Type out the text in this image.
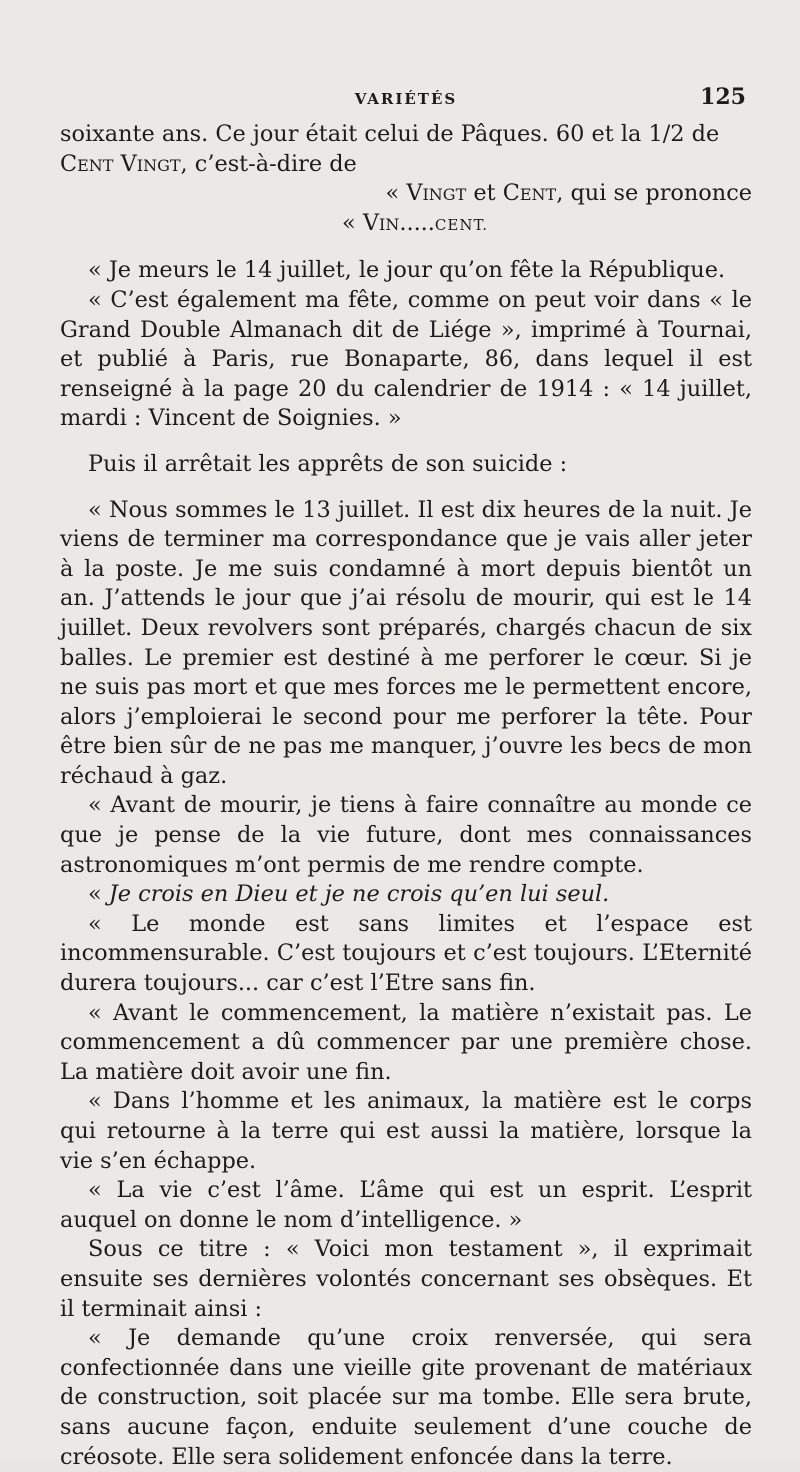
VARIÉTÉS	125

soixante ans. Ce jour était celui de Pâques. 60 et la 1/2 de

Cent Vingt, c’est-à-dire de

« Vingt et Cent, qui se prononce

« Vin.....CENT.

« Je meurs le 14 juillet, le jour qu’on fête la République.

« C’est également ma fête, comme on peut voir dans « le Grand Double Almanach dit de Liége », imprimé à Tournai, et publié à Paris, rue Bonaparte, 86, dans lequel il est renseigné à la page 20 du calendrier de 1914 : « 14 juillet, mardi : Vincent de Soignies. »

Puis il arrêtait les apprêts de son suicide :

« Nous sommes le 13 juillet. Il est dix heures de la nuit. Je viens de terminer ma correspondance que je vais aller jeter à la poste. Je me suis condamné à mort depuis bientôt un an. J’attends le jour que j’ai résolu de mourir, qui est le 14 juillet. Deux revolvers sont préparés, chargés chacun de six balles. Le premier est destiné à me perforer le cœur. Si je ne suis pas mort et que mes forces me le permettent encore, alors j’emploierai le second pour me perforer la tête. Pour être bien sûr de ne pas me manquer, j’ouvre les becs de mon réchaud à gaz.

« Avant de mourir, je tiens à faire connaître au monde ce que je pense de la vie future, dont mes connaissances astronomiques m’ont permis de me rendre compte.

« Je crois en Dieu et je ne crois qu’en lui seul.

« Le monde est sans limites et l’espace est incommensurable. C’est toujours et c’est toujours. L’Eternité durera toujours... car c’est l’Etre sans fin.

« Avant le commencement, la matière n’existait pas. Le commencement a dû commencer par une première chose. La matière doit avoir une fin.

« Dans l’homme et les animaux, la matière est le corps qui retourne à la terre qui est aussi la matière, lorsque la vie s’en échappe.

« La vie c’est l’âme. L’âme qui est un esprit. L’esprit auquel on donne le nom d’intelligence. »

Sous ce titre : « Voici mon testament », il exprimait ensuite ses dernières volontés concernant ses obsèques. Et il terminait ainsi :

« Je demande qu’une croix renversée, qui sera confectionnée dans une vieille gite provenant de matériaux de construction, soit placée sur ma tombe. Elle sera brute, sans aucune façon, enduite seulement d’une couche de créosote. Elle sera solidement enfoncée dans la terre.
